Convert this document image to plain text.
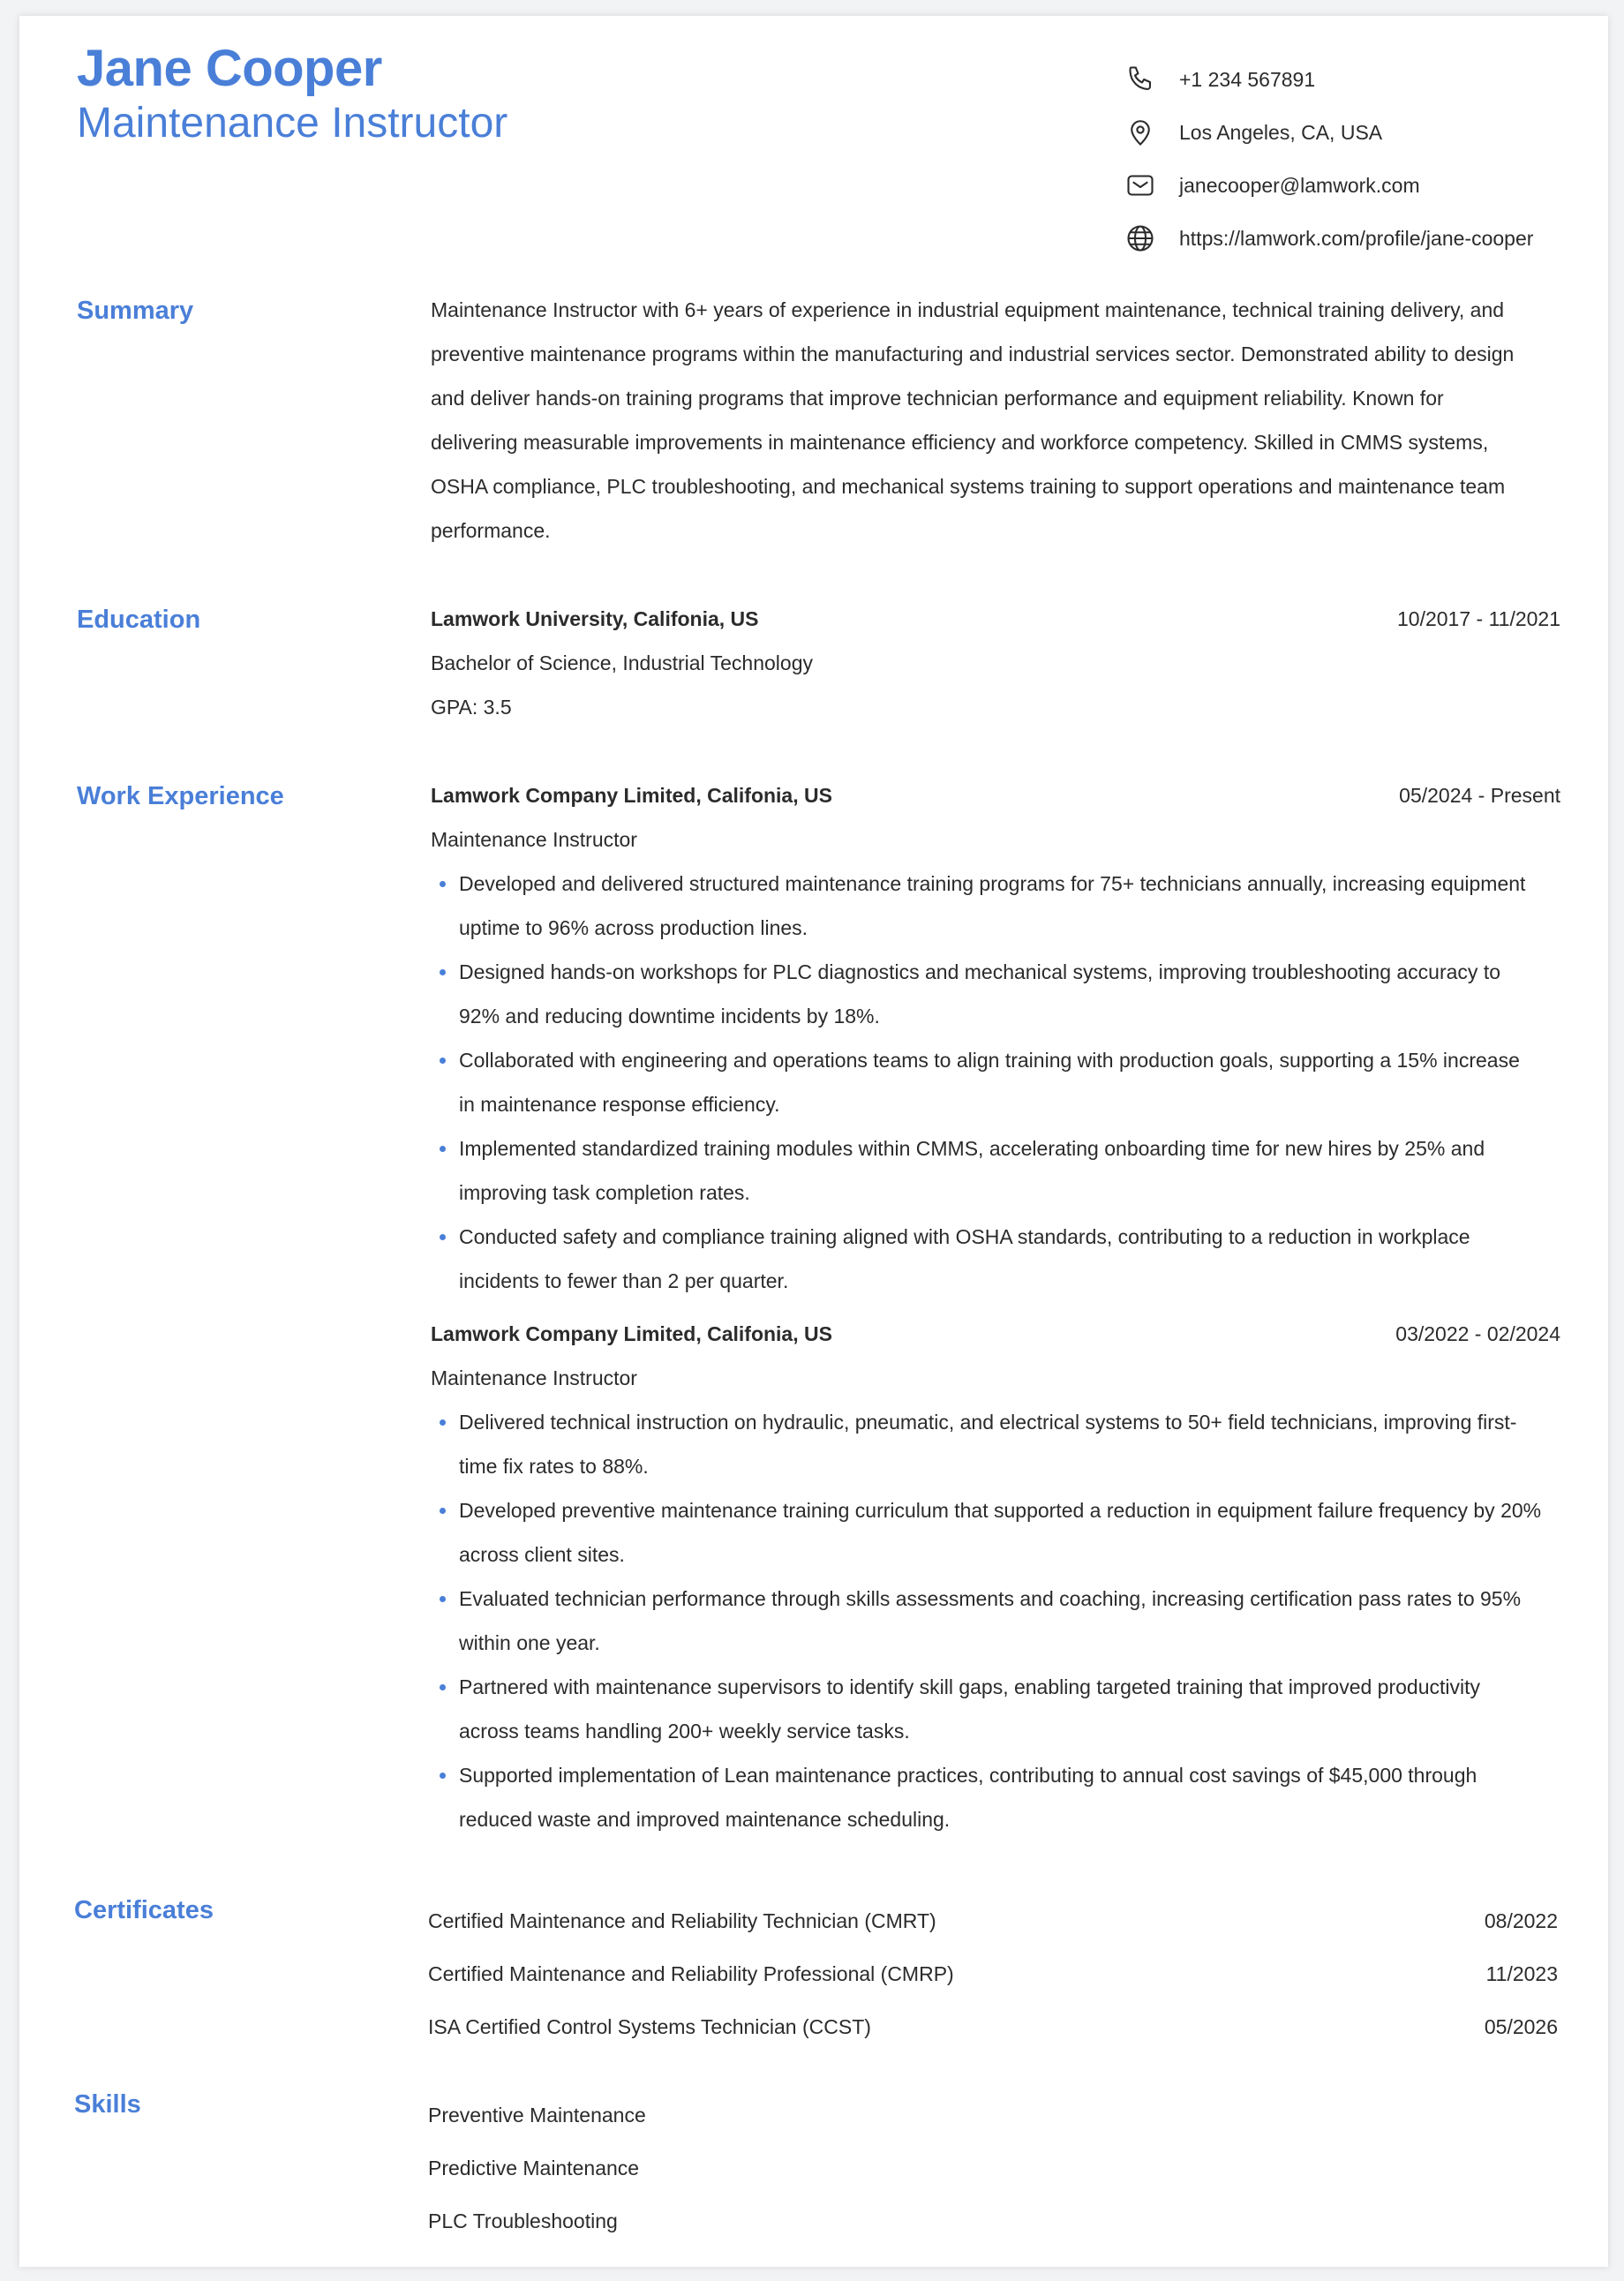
Jane Cooper
Maintenance Instructor
+1 234 567891
Los Angeles, CA, USA
janecooper@lamwork.com
https://lamwork.com/profile/jane-cooper
Summary	Maintenance Instructor with 6+ years of experience in industrial equipment maintenance, technical training delivery, and
preventive maintenance programs within the manufacturing and industrial services sector. Demonstrated ability to design
and deliver hands-on training programs that improve technician performance and equipment reliability. Known for
delivering measurable improvements in maintenance efficiency and workforce competency. Skilled in CMMS systems,
OSHA compliance, PLC troubleshooting, and mechanical systems training to support operations and maintenance team
performance.
Education	Lamwork University, Califonia, US	10/2017 - 11/2021
Bachelor of Science, Industrial Technology
GPA: 3.5
Work Experience	Lamwork Company Limited, Califonia, US	05/2024 - Present
Maintenance Instructor
Developed and delivered structured maintenance training programs for 75+ technicians annually, increasing equipment
uptime to 96% across production lines.
Designed hands-on workshops for PLC diagnostics and mechanical systems, improving troubleshooting accuracy to
92% and reducing downtime incidents by 18%.
Collaborated with engineering and operations teams to align training with production goals, supporting a 15% increase
in maintenance response efficiency.
Implemented standardized training modules within CMMS, accelerating onboarding time for new hires by 25% and
improving task completion rates.
Conducted safety and compliance training aligned with OSHA standards, contributing to a reduction in workplace
incidents to fewer than 2 per quarter.
Lamwork Company Limited, Califonia, US	03/2022 - 02/2024
Maintenance Instructor
Delivered technical instruction on hydraulic, pneumatic, and electrical systems to 50+ field technicians, improving first-
time fix rates to 88%.
Developed preventive maintenance training curriculum that supported a reduction in equipment failure frequency by 20%
across client sites.
Evaluated technician performance through skills assessments and coaching, increasing certification pass rates to 95%
within one year.
Partnered with maintenance supervisors to identify skill gaps, enabling targeted training that improved productivity
across teams handling 200+ weekly service tasks.
Supported implementation of Lean maintenance practices, contributing to annual cost savings of $45,000 through
reduced waste and improved maintenance scheduling.
Certificates	Certified Maintenance and Reliability Technician (CMRT)	08/2022
Certified Maintenance and Reliability Professional (CMRP)	11/2023
ISA Certified Control Systems Technician (CCST)	05/2026
Skills	Preventive Maintenance
Predictive Maintenance
PLC Troubleshooting
